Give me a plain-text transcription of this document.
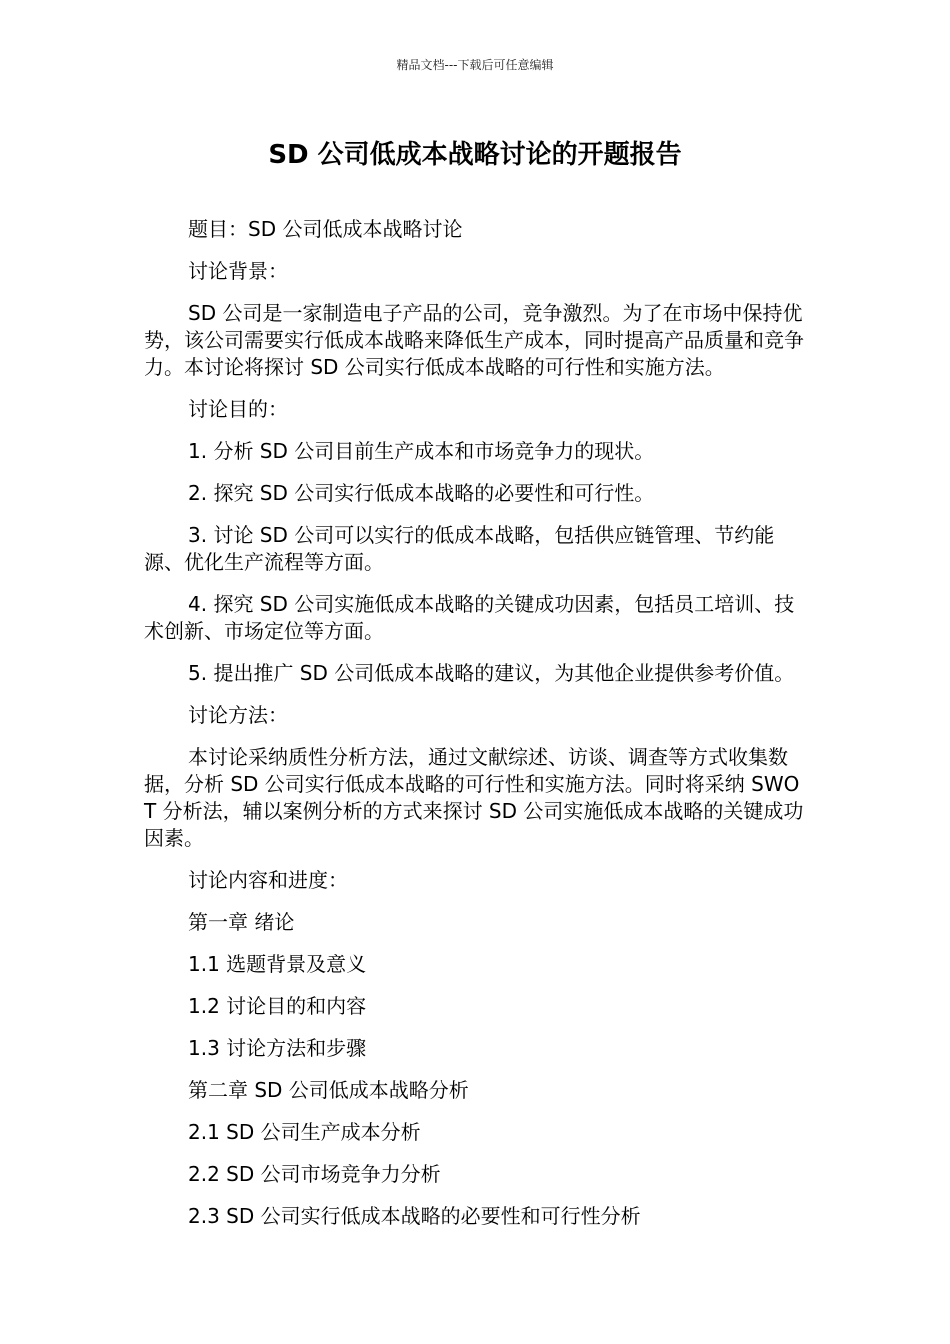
精品文档---下载后可任意编辑
SD 公司低成本战略讨论的开题报告

题目：SD 公司低成本战略讨论

讨论背景：

SD 公司是一家制造电子产品的公司，竞争激烈。为了在市场中保持优势，该公司需要实行低成本战略来降低生产成本，同时提高产品质量和竞争力。本讨论将探讨 SD 公司实行低成本战略的可行性和实施方法。

讨论目的：

1. 分析 SD 公司目前生产成本和市场竞争力的现状。

2. 探究 SD 公司实行低成本战略的必要性和可行性。

3. 讨论 SD 公司可以实行的低成本战略，包括供应链管理、节约能源、优化生产流程等方面。

4. 探究 SD 公司实施低成本战略的关键成功因素，包括员工培训、技术创新、市场定位等方面。

5. 提出推广 SD 公司低成本战略的建议，为其他企业提供参考价值。

讨论方法：

本讨论采纳质性分析方法，通过文献综述、访谈、调查等方式收集数据，分析 SD 公司实行低成本战略的可行性和实施方法。同时将采纳 SWOT 分析法，辅以案例分析的方式来探讨 SD 公司实施低成本战略的关键成功因素。

讨论内容和进度：

第一章 绪论

1.1 选题背景及意义

1.2 讨论目的和内容

1.3 讨论方法和步骤

第二章 SD 公司低成本战略分析

2.1 SD 公司生产成本分析

2.2 SD 公司市场竞争力分析

2.3 SD 公司实行低成本战略的必要性和可行性分析
